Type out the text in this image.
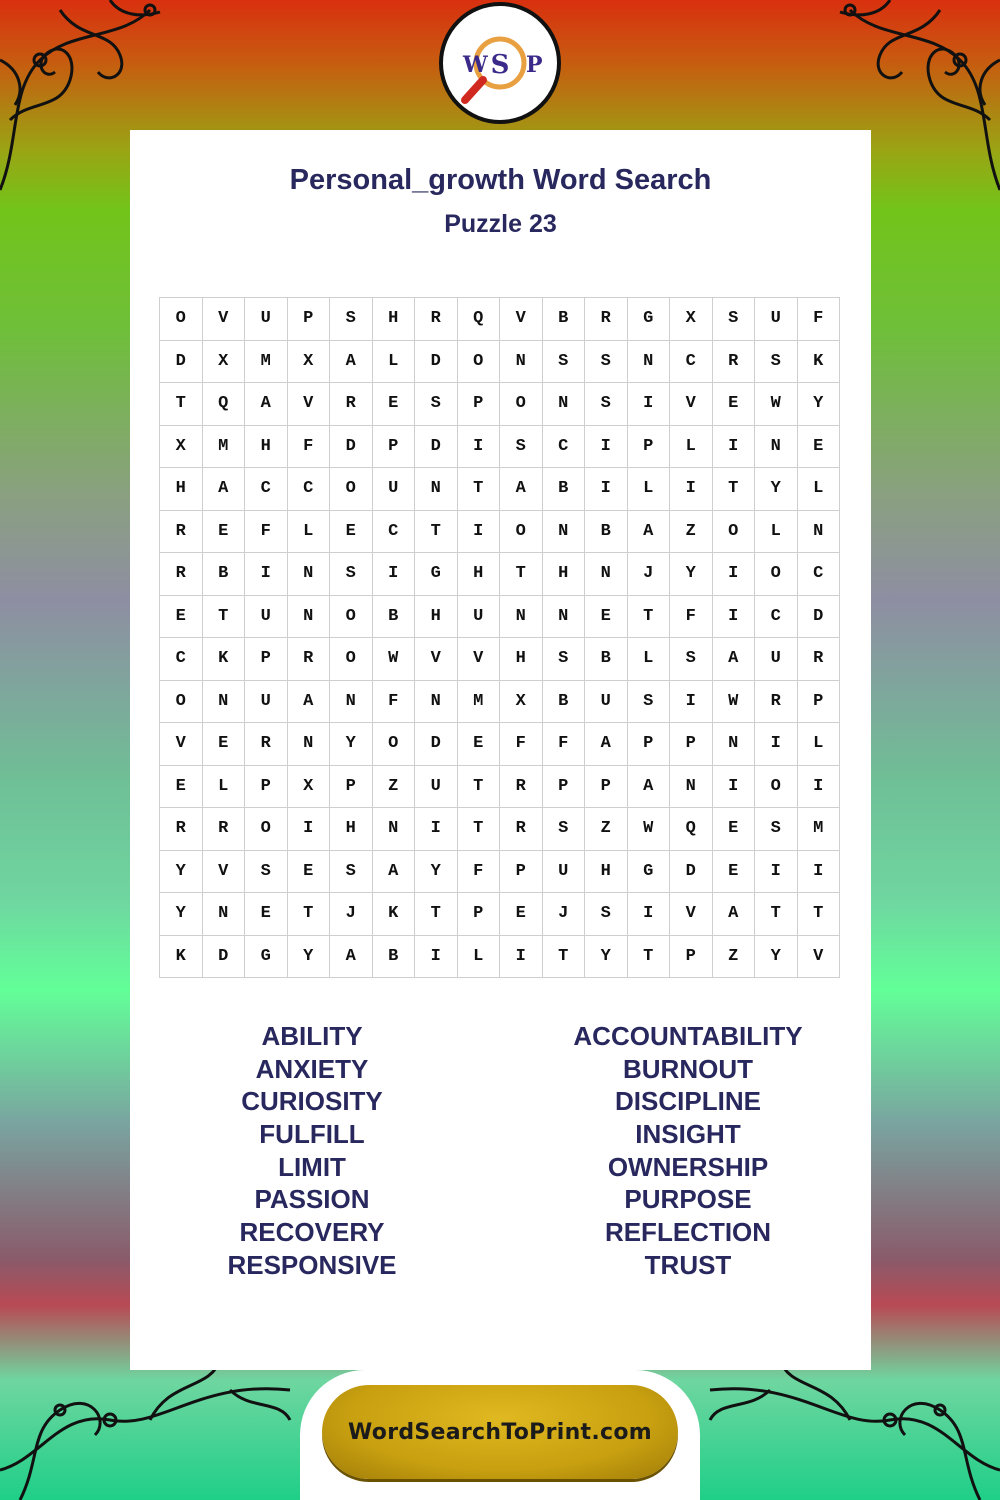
W S P
Personal_growth Word Search
Puzzle 23
O	V	U	P	S	H	R	Q	V	B	R	G	X	S	U	F
D	X	M	X	A	L	D	O	N	S	S	N	C	R	S	K
T	Q	A	V	R	E	S	P	O	N	S	I	V	E	W	Y
X	M	H	F	D	P	D	I	S	C	I	P	L	I	N	E
H	A	C	C	O	U	N	T	A	B	I	L	I	T	Y	L
R	E	F	L	E	C	T	I	O	N	B	A	Z	O	L	N
R	B	I	N	S	I	G	H	T	H	N	J	Y	I	O	C
E	T	U	N	O	B	H	U	N	N	E	T	F	I	C	D
C	K	P	R	O	W	V	V	H	S	B	L	S	A	U	R
O	N	U	A	N	F	N	M	X	B	U	S	I	W	R	P
V	E	R	N	Y	O	D	E	F	F	A	P	P	N	I	L
E	L	P	X	P	Z	U	T	R	P	P	A	N	I	O	I
R	R	O	I	H	N	I	T	R	S	Z	W	Q	E	S	M
Y	V	S	E	S	A	Y	F	P	U	H	G	D	E	I	I
Y	N	E	T	J	K	T	P	E	J	S	I	V	A	T	T
K	D	G	Y	A	B	I	L	I	T	Y	T	P	Z	Y	V
ABILITY
ANXIETY
CURIOSITY
FULFILL
LIMIT
PASSION
RECOVERY
RESPONSIVE
ACCOUNTABILITY
BURNOUT
DISCIPLINE
INSIGHT
OWNERSHIP
PURPOSE
REFLECTION
TRUST
WordSearchToPrint.com
